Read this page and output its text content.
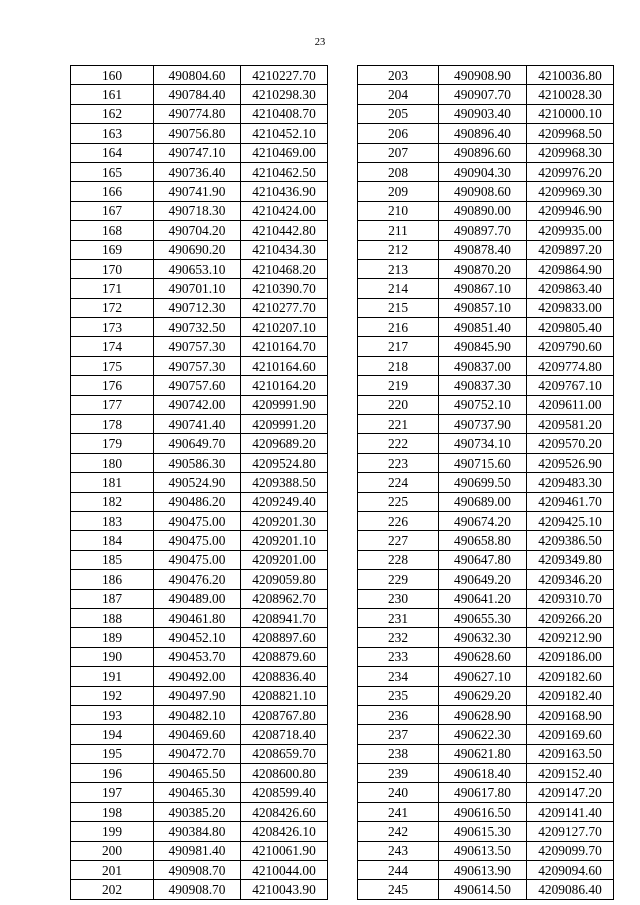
23
160	490804.60	4210227.70
161	490784.40	4210298.30
162	490774.80	4210408.70
163	490756.80	4210452.10
164	490747.10	4210469.00
165	490736.40	4210462.50
166	490741.90	4210436.90
167	490718.30	4210424.00
168	490704.20	4210442.80
169	490690.20	4210434.30
170	490653.10	4210468.20
171	490701.10	4210390.70
172	490712.30	4210277.70
173	490732.50	4210207.10
174	490757.30	4210164.70
175	490757.30	4210164.60
176	490757.60	4210164.20
177	490742.00	4209991.90
178	490741.40	4209991.20
179	490649.70	4209689.20
180	490586.30	4209524.80
181	490524.90	4209388.50
182	490486.20	4209249.40
183	490475.00	4209201.30
184	490475.00	4209201.10
185	490475.00	4209201.00
186	490476.20	4209059.80
187	490489.00	4208962.70
188	490461.80	4208941.70
189	490452.10	4208897.60
190	490453.70	4208879.60
191	490492.00	4208836.40
192	490497.90	4208821.10
193	490482.10	4208767.80
194	490469.60	4208718.40
195	490472.70	4208659.70
196	490465.50	4208600.80
197	490465.30	4208599.40
198	490385.20	4208426.60
199	490384.80	4208426.10
200	490981.40	4210061.90
201	490908.70	4210044.00
202	490908.70	4210043.90
203	490908.90	4210036.80
204	490907.70	4210028.30
205	490903.40	4210000.10
206	490896.40	4209968.50
207	490896.60	4209968.30
208	490904.30	4209976.20
209	490908.60	4209969.30
210	490890.00	4209946.90
211	490897.70	4209935.00
212	490878.40	4209897.20
213	490870.20	4209864.90
214	490867.10	4209863.40
215	490857.10	4209833.00
216	490851.40	4209805.40
217	490845.90	4209790.60
218	490837.00	4209774.80
219	490837.30	4209767.10
220	490752.10	4209611.00
221	490737.90	4209581.20
222	490734.10	4209570.20
223	490715.60	4209526.90
224	490699.50	4209483.30
225	490689.00	4209461.70
226	490674.20	4209425.10
227	490658.80	4209386.50
228	490647.80	4209349.80
229	490649.20	4209346.20
230	490641.20	4209310.70
231	490655.30	4209266.20
232	490632.30	4209212.90
233	490628.60	4209186.00
234	490627.10	4209182.60
235	490629.20	4209182.40
236	490628.90	4209168.90
237	490622.30	4209169.60
238	490621.80	4209163.50
239	490618.40	4209152.40
240	490617.80	4209147.20
241	490616.50	4209141.40
242	490615.30	4209127.70
243	490613.50	4209099.70
244	490613.90	4209094.60
245	490614.50	4209086.40
